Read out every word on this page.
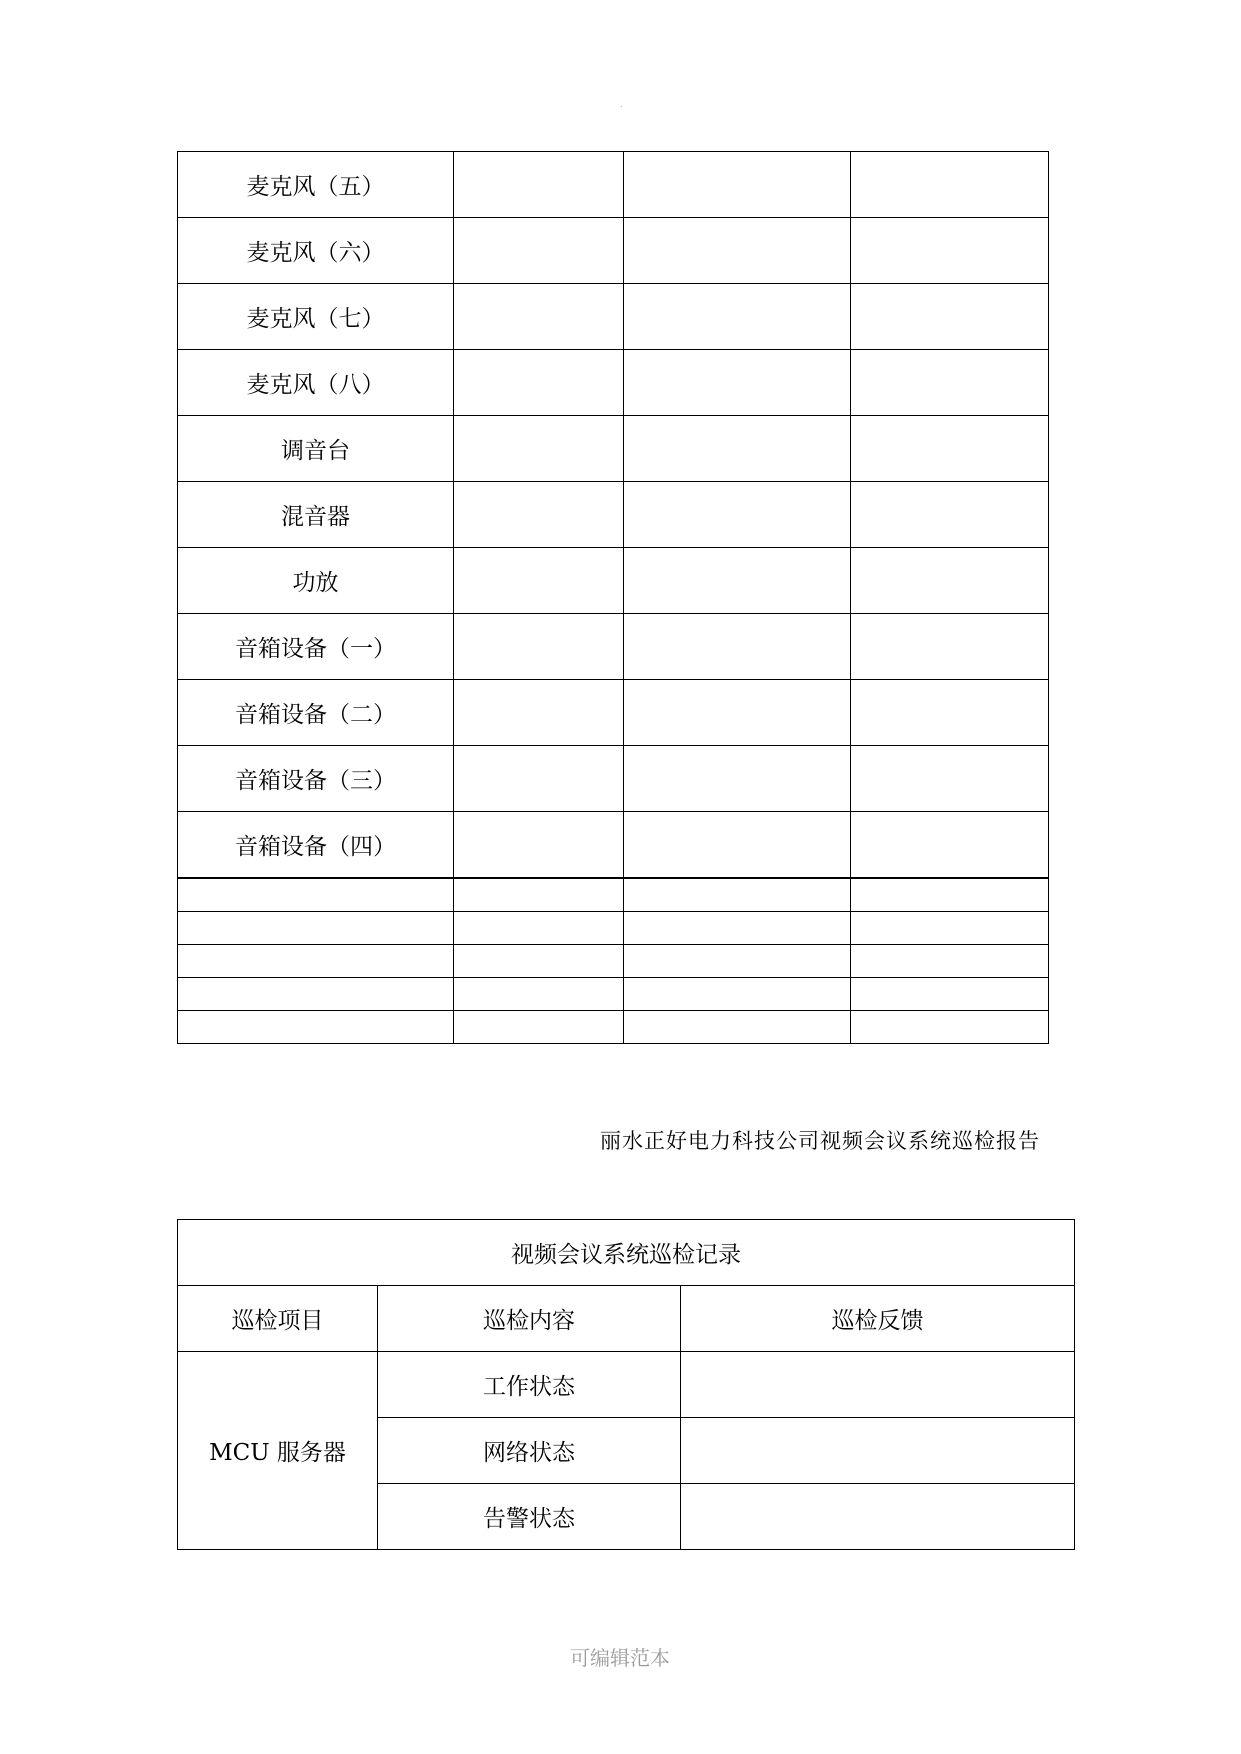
.
麦克风（五）			
麦克风（六）			
麦克风（七）			
麦克风（八）			
调音台			
混音器			
功放			
音箱设备（一）			
音箱设备（二）			
音箱设备（三）			
音箱设备（四）			

丽水正好电力科技公司视频会议系统巡检报告
视频会议系统巡检记录		
巡检项目	巡检内容	巡检反馈
MCU 服务器	工作状态	
	网络状态	
	告警状态	
可编辑范本
